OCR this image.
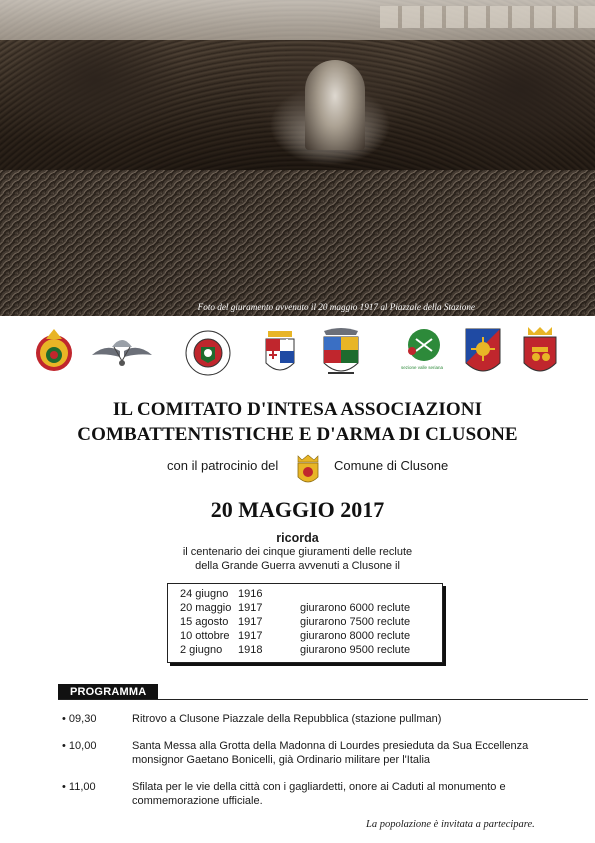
Foto del giuramento avvenuto il 20 maggio 1917 al Piazzale della Stazione
sezione valle seriana
IL COMITATO D'INTESA ASSOCIAZIONI
COMBATTENTISTICHE E D'ARMA DI CLUSONE
con il patrocinio del	Comune di Clusone
20 MAGGIO 2017
ricorda
il centenario dei cinque giuramenti delle reclute
della Grande Guerra avvenuti a Clusone il
24 giugno 1916
20 maggio 1917	giurarono 6000 reclute
15 agosto 1917	giurarono 7500 reclute
10 ottobre 1917	giurarono 8000 reclute
2 giugno 1918	giurarono 9500 reclute
PROGRAMMA
• 09,30	Ritrovo a Clusone Piazzale della Repubblica (stazione pullman)
• 10,00	Santa Messa alla Grotta della Madonna di Lourdes presieduta da Sua Eccellenza monsignor Gaetano Bonicelli, già Ordinario militare per l'Italia
• 11,00	Sfilata per le vie della città con i gagliardetti, onore ai Caduti al monumento e commemorazione ufficiale.
La popolazione è invitata a partecipare.
